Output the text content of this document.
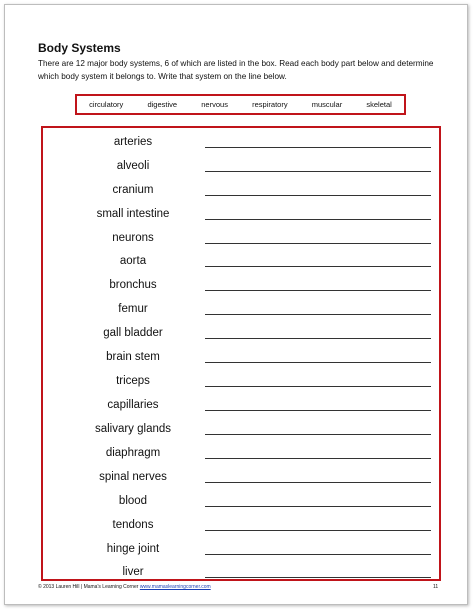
Body Systems
There are 12 major body systems, 6 of which are listed in the box. Read each body part below and determine which body system it belongs to. Write that system on the line below.
circulatory	digestive	nervous	respiratory	muscular	skeletal
arteries
alveoli
cranium
small intestine
neurons
aorta
bronchus
femur
gall bladder
brain stem
triceps
capillaries
salivary glands
diaphragm
spinal nerves
blood
tendons
hinge joint
liver
© 2013 Lauren Hill | Mama's Learning Corner www.mamaslearningcorner.com	11
